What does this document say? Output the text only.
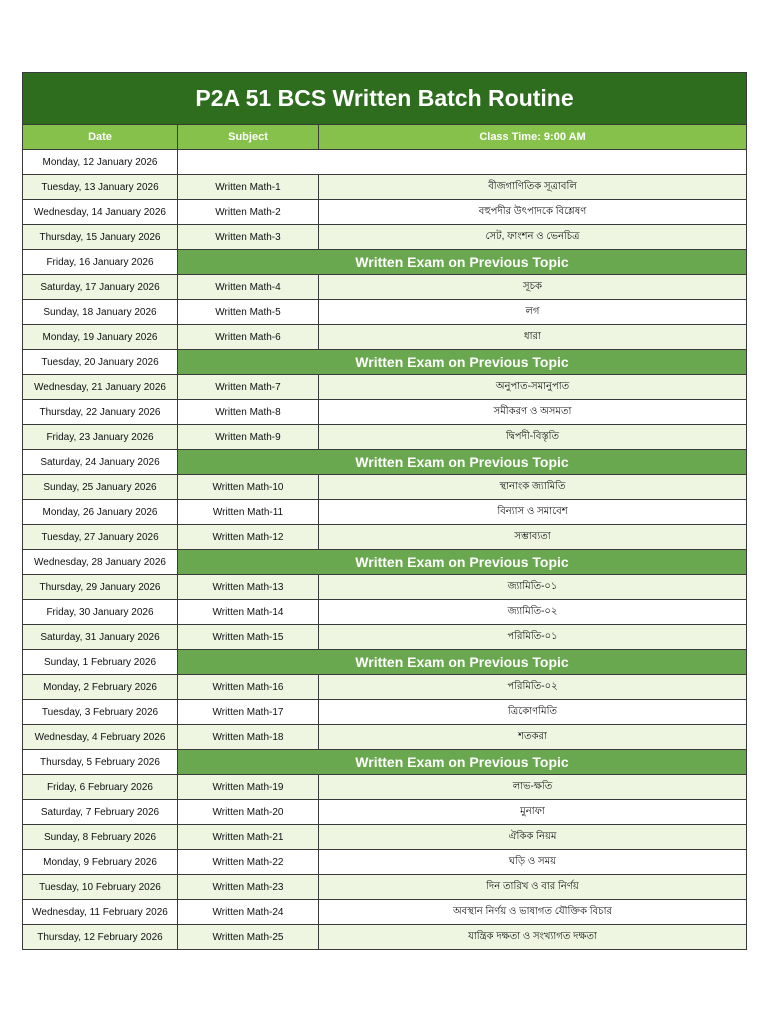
P2A 51 BCS Written Batch Routine		
Date	Subject	Class Time: 9:00 AM
Monday, 12 January 2026		
Tuesday, 13 January 2026	Written Math-1	বীজগাণিতিক সূত্রাবলি
Wednesday, 14 January 2026	Written Math-2	বহুপদীর উৎপাদকে বিশ্লেষণ
Thursday, 15 January 2026	Written Math-3	সেট, ফাংশন ও ভেনচিত্র
Friday, 16 January 2026	Written Exam on Previous Topic	
Saturday, 17 January 2026	Written Math-4	সূচক
Sunday, 18 January 2026	Written Math-5	লগ
Monday, 19 January 2026	Written Math-6	ধারা
Tuesday, 20 January 2026	Written Exam on Previous Topic	
Wednesday, 21 January 2026	Written Math-7	অনুপাত-সমানুপাত
Thursday, 22 January 2026	Written Math-8	সমীকরণ ও অসমতা
Friday, 23 January 2026	Written Math-9	দ্বিপদী-বিস্তৃতি
Saturday, 24 January 2026	Written Exam on Previous Topic	
Sunday, 25 January 2026	Written Math-10	স্থানাংক জ্যামিতি
Monday, 26 January 2026	Written Math-11	বিন্যাস ও সমাবেশ
Tuesday, 27 January 2026	Written Math-12	সম্ভাব্যতা
Wednesday, 28 January 2026	Written Exam on Previous Topic	
Thursday, 29 January 2026	Written Math-13	জ্যামিতি-০১
Friday, 30 January 2026	Written Math-14	জ্যামিতি-০২
Saturday, 31 January 2026	Written Math-15	পরিমিতি-০১
Sunday, 1 February 2026	Written Exam on Previous Topic	
Monday, 2 February 2026	Written Math-16	পরিমিতি-০২
Tuesday, 3 February 2026	Written Math-17	ত্রিকোণমিতি
Wednesday, 4 February 2026	Written Math-18	শতকরা
Thursday, 5 February 2026	Written Exam on Previous Topic	
Friday, 6 February 2026	Written Math-19	লাভ-ক্ষতি
Saturday, 7 February 2026	Written Math-20	মুনাফা
Sunday, 8 February 2026	Written Math-21	ঐকিক নিয়ম
Monday, 9 February 2026	Written Math-22	ঘড়ি ও সময়
Tuesday, 10 February 2026	Written Math-23	দিন তারিখ ও বার নির্ণয়
Wednesday, 11 February 2026	Written Math-24	অবস্থান নির্ণয় ও ভাষাগত যৌক্তিক বিচার
Thursday, 12 February 2026	Written Math-25	যান্ত্রিক দক্ষতা ও সংখ্যাগত দক্ষতা
